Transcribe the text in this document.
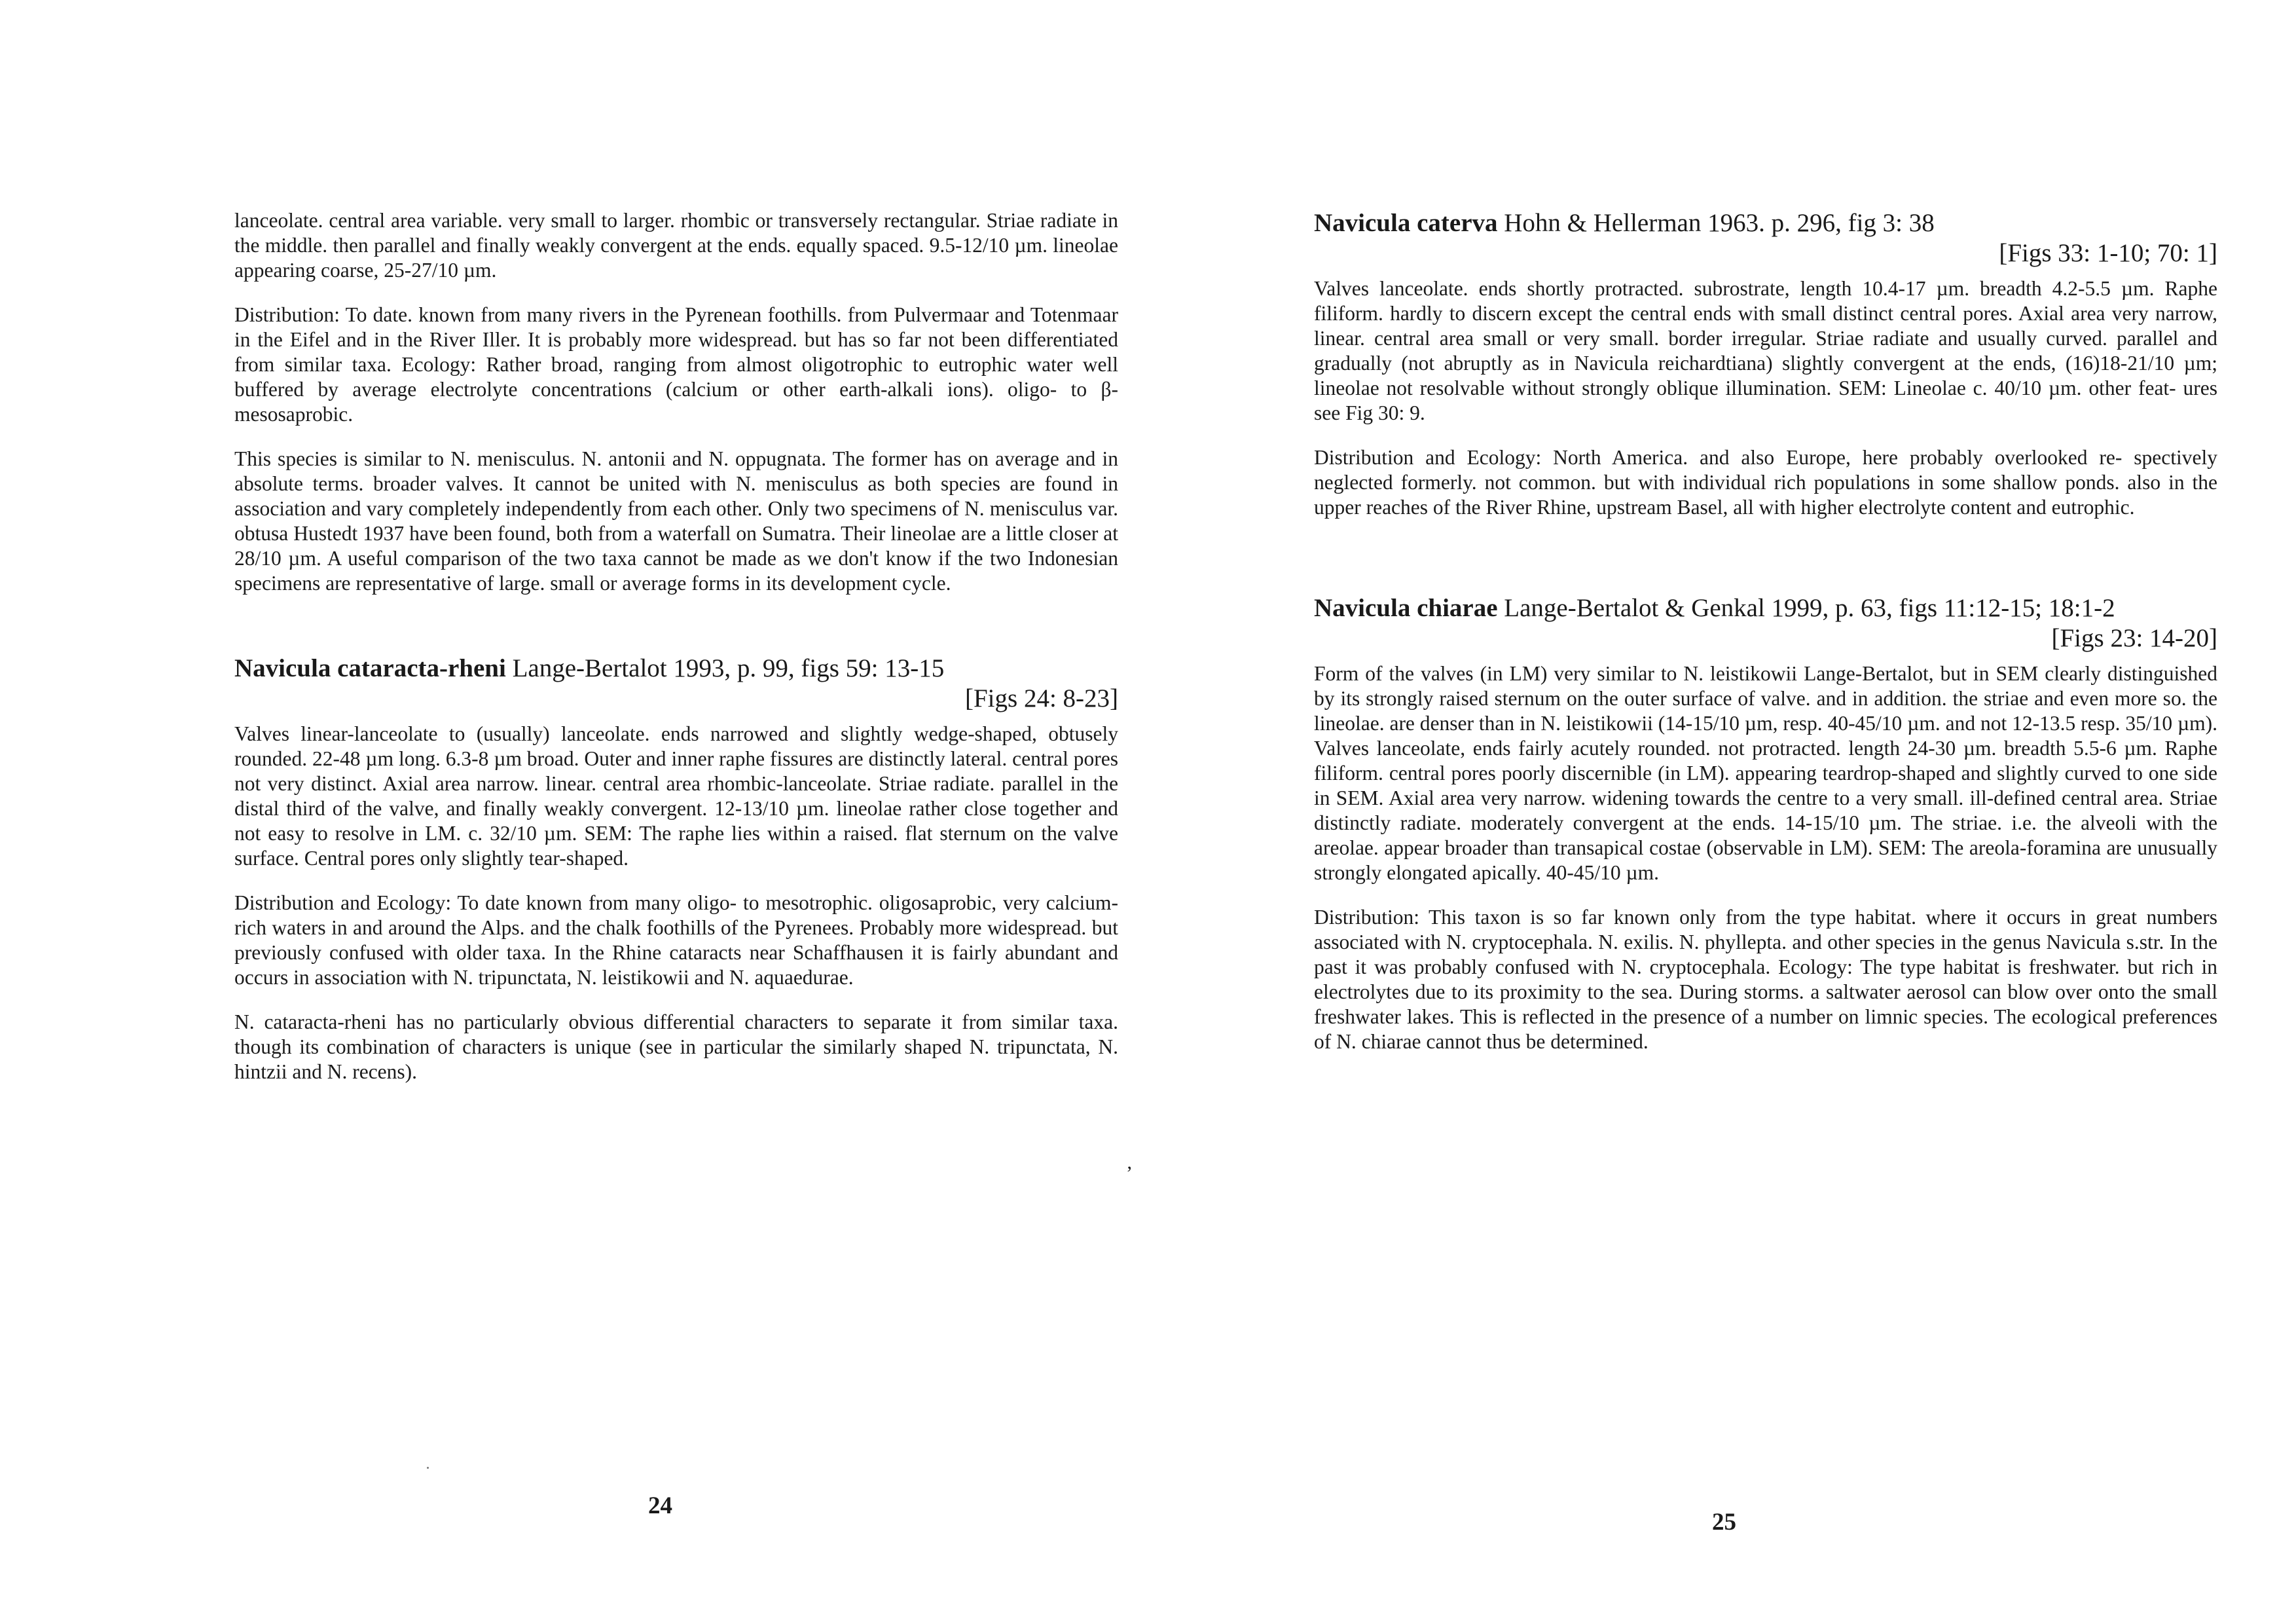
lanceolate. central area variable. very small to larger. rhombic or transversely rectangular. Striae radiate in the middle. then parallel and finally weakly convergent at the ends. equally spaced. 9.5-12/10 µm. lineolae appearing coarse, 25-27/10 µm.

Distribution: To date. known from many rivers in the Pyrenean foothills. from Pulvermaar and Totenmaar in the Eifel and in the River Iller. It is probably more widespread. but has so far not been differentiated from similar taxa. Ecology: Rather broad, ranging from almost oligotrophic to eutrophic water well buffered by average electrolyte concentrations (calcium or other earth-alkali ions). oligo- to β-mesosaprobic.

This species is similar to N. menisculus. N. antonii and N. oppugnata. The former has on average and in absolute terms. broader valves. It cannot be united with N. menisculus as both species are found in association and vary completely independently from each other. Only two specimens of N. menisculus var. obtusa Hustedt 1937 have been found, both from a waterfall on Sumatra. Their lineolae are a little closer at 28/10 µm. A useful comparison of the two taxa cannot be made as we don't know if the two Indonesian specimens are representative of large. small or average forms in its development cycle.

Navicula cataracta-rheni Lange-Bertalot 1993, p. 99, figs 59: 13-15
[Figs 24: 8-23]

Valves linear-lanceolate to (usually) lanceolate. ends narrowed and slightly wedge-shaped, obtusely rounded. 22-48 µm long. 6.3-8 µm broad. Outer and inner raphe fissures are distinctly lateral. central pores not very distinct. Axial area narrow. linear. central area rhombic-lanceolate. Striae radiate. parallel in the distal third of the valve, and finally weakly convergent. 12-13/10 µm. lineolae rather close together and not easy to resolve in LM. c. 32/10 µm. SEM: The raphe lies within a raised. flat sternum on the valve surface. Central pores only slightly tear-shaped.

Distribution and Ecology: To date known from many oligo- to mesotrophic. oligosaprobic, very calcium-rich waters in and around the Alps. and the chalk foothills of the Pyrenees. Probably more widespread. but previously confused with older taxa. In the Rhine cataracts near Schaffhausen it is fairly abundant and occurs in association with N. tripunctata, N. leistikowii and N. aquaedurae.

N. cataracta-rheni has no particularly obvious differential characters to separate it from similar taxa. though its combination of characters is unique (see in particular the similarly shaped N. tripunctata, N. hintzii and N. recens).

’
24
Navicula caterva Hohn & Hellerman 1963. p. 296, fig 3: 38
[Figs 33: 1-10; 70: 1]

Valves lanceolate. ends shortly protracted. subrostrate, length 10.4-17 µm. breadth 4.2-5.5 µm. Raphe filiform. hardly to discern except the central ends with small distinct central pores. Axial area very narrow, linear. central area small or very small. border irregular. Striae radiate and usually curved. parallel and gradually (not abruptly as in Navicula reichardtiana) slightly convergent at the ends, (16)18-21/10 µm; lineolae not resolvable without strongly oblique illumination. SEM: Lineolae c. 40/10 µm. other feat- ures see Fig 30: 9.

Distribution and Ecology: North America. and also Europe, here probably overlooked re- spectively neglected formerly. not common. but with individual rich populations in some shallow ponds. also in the upper reaches of the River Rhine, upstream Basel, all with higher electrolyte content and eutrophic.

Navicula chiarae Lange-Bertalot & Genkal 1999, p. 63, figs 11:12-15; 18:1-2
[Figs 23: 14-20]

Form of the valves (in LM) very similar to N. leistikowii Lange-Bertalot, but in SEM clearly distinguished by its strongly raised sternum on the outer surface of valve. and in addition. the striae and even more so. the lineolae. are denser than in N. leistikowii (14-15/10 µm, resp. 40-45/10 µm. and not 12-13.5 resp. 35/10 µm). Valves lanceolate, ends fairly acutely rounded. not protracted. length 24-30 µm. breadth 5.5-6 µm. Raphe filiform. central pores poorly discernible (in LM). appearing teardrop-shaped and slightly curved to one side in SEM. Axial area very narrow. widening towards the centre to a very small. ill-defined central area. Striae distinctly radiate. moderately convergent at the ends. 14-15/10 µm. The striae. i.e. the alveoli with the areolae. appear broader than transapical costae (observable in LM). SEM: The areola-foramina are unusually strongly elongated apically. 40-45/10 µm.

Distribution: This taxon is so far known only from the type habitat. where it occurs in great numbers associated with N. cryptocephala. N. exilis. N. phyllepta. and other species in the genus Navicula s.str. In the past it was probably confused with N. cryptocephala. Ecology: The type habitat is freshwater. but rich in electrolytes due to its proximity to the sea. During storms. a saltwater aerosol can blow over onto the small freshwater lakes. This is reflected in the presence of a number on limnic species. The ecological preferences of N. chiarae cannot thus be determined.

25
